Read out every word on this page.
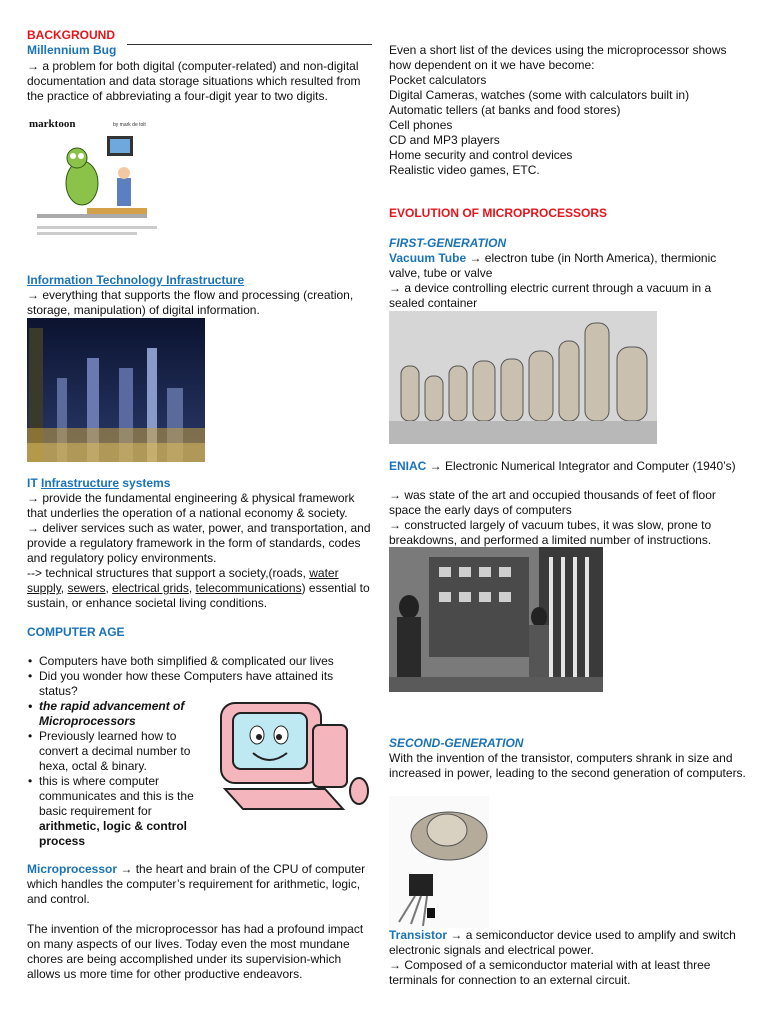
BACKGROUND
Millennium Bug
→ a problem for both digital (computer-related) and non-digital documentation and data storage situations which resulted from the practice of abbreviating a four-digit year to two digits.
marktoon	by mark de tolt
Information Technology Infrastructure
→ everything that supports the flow and processing (creation, storage, manipulation) of digital information.
IT Infrastructure systems
→ provide the fundamental engineering & physical framework that underlies the operation of a national economy & society.
→ deliver services such as water, power, and transportation, and provide a regulatory framework in the form of standards, codes and regulatory policy environments.
--> technical structures that support a society,(roads, water supply, sewers, electrical grids, telecommunications) essential to sustain, or enhance societal living conditions.
COMPUTER AGE
• Computers have both simplified & complicated our lives
• Did you wonder how these Computers have attained its status?
• the rapid advancement of Microprocessors
• Previously learned how to convert a decimal number to hexa, octal & binary.
• this is where computer communicates and this is the basic requirement for arithmetic, logic & control process
Microprocessor → the heart and brain of the CPU of computer which handles the computer’s requirement for arithmetic, logic, and control.
The invention of the microprocessor has had a profound impact on many aspects of our lives. Today even the most mundane chores are being accomplished under its supervision-which allows us more time for other productive endeavors.
Even a short list of the devices using the microprocessor shows how dependent on it we have become:
Pocket calculators
Digital Cameras, watches (some with calculators built in)
Automatic tellers (at banks and food stores)
Cell phones
CD and MP3 players
Home security and control devices
Realistic video games, ETC.
EVOLUTION OF MICROPROCESSORS
FIRST-GENERATION
Vacuum Tube → electron tube (in North America), thermionic valve, tube or valve
→ a device controlling electric current through a vacuum in a sealed container
ENIAC → Electronic Numerical Integrator and Computer (1940’s)
→ was state of the art and occupied thousands of feet of floor space the early days of computers
→ constructed largely of vacuum tubes, it was slow, prone to breakdowns, and performed a limited number of instructions.
SECOND-GENERATION
With the invention of the transistor, computers shrank in size and increased in power, leading to the second generation of computers.
Transistor → a semiconductor device used to amplify and switch electronic signals and electrical power.
→ Composed of a semiconductor material with at least three terminals for connection to an external circuit.
